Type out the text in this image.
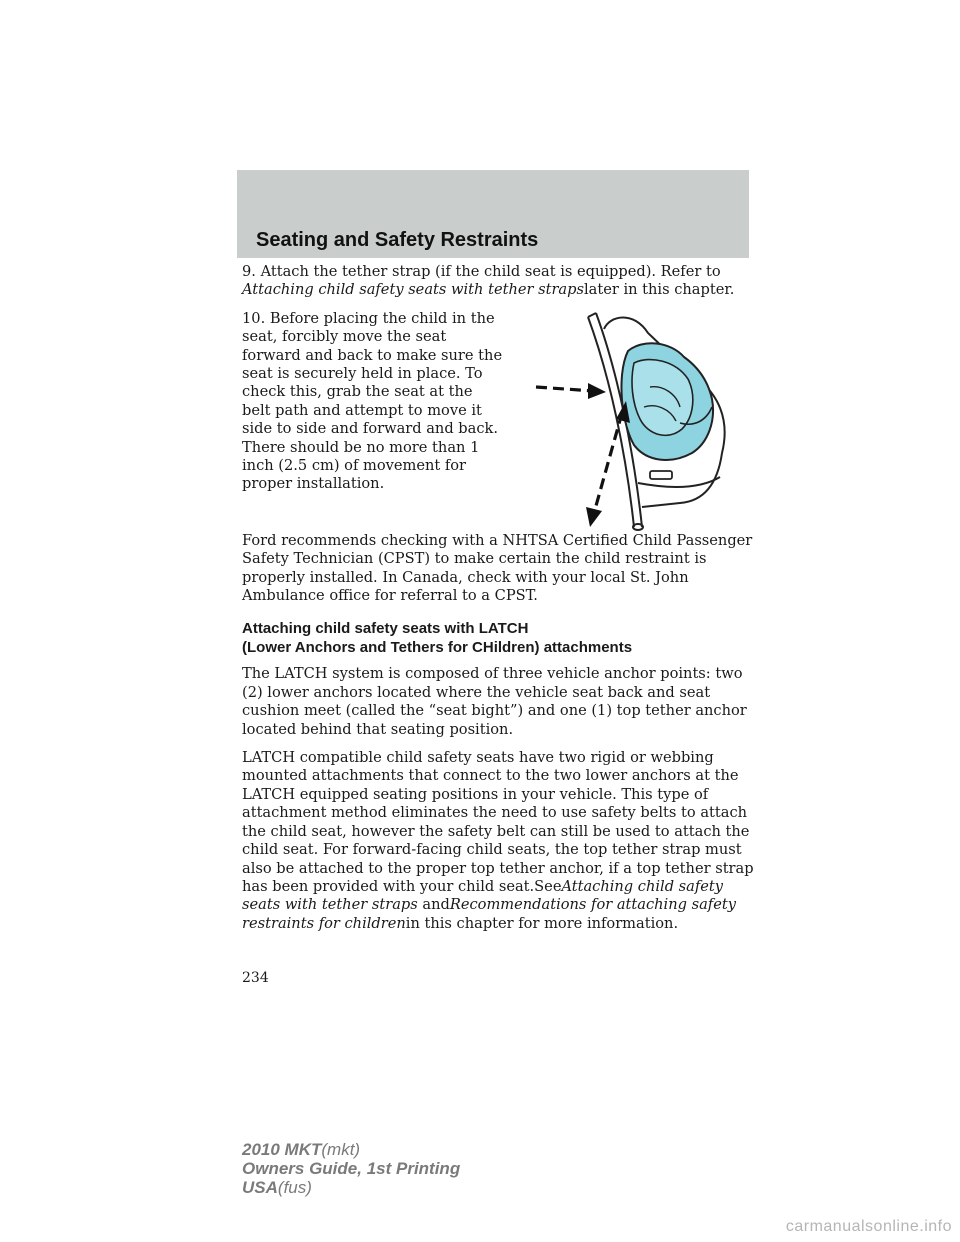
Seating and Safety Restraints

9. Attach the tether strap (if the child seat is equipped). Refer to
Attaching child safety seats with tether strapslater in this chapter.

10. Before placing the child in the seat, forcibly move the seat forward and back to make sure the seat is securely held in place. To check this, grab the seat at the belt path and attempt to move it side to side and forward and back. There should be no more than 1 inch (2.5 cm) of movement for proper installation.

Ford recommends checking with a NHTSA Certified Child Passenger Safety Technician (CPST) to make certain the child restraint is properly installed. In Canada, check with your local St. John Ambulance office for referral to a CPST.

Attaching child safety seats with LATCH
(Lower Anchors and Tethers for CHildren) attachments

The LATCH system is composed of three vehicle anchor points: two (2) lower anchors located where the vehicle seat back and seat cushion meet (called the “seat bight”) and one (1) top tether anchor located behind that seating position.

LATCH compatible child safety seats have two rigid or webbing mounted attachments that connect to the two lower anchors at the LATCH equipped seating positions in your vehicle. This type of attachment method eliminates the need to use safety belts to attach the child seat, however the safety belt can still be used to attach the child seat. For forward-facing child seats, the top tether strap must also be attached to the proper top tether anchor, if a top tether strap has been provided with your child seat.SeeAttaching child safety seats with tether straps andRecommendations for attaching safety restraints for childrenin this chapter for more information.

234
2010 MKT(mkt)
Owners Guide, 1st Printing
USA(fus)
carmanualsonline.info
